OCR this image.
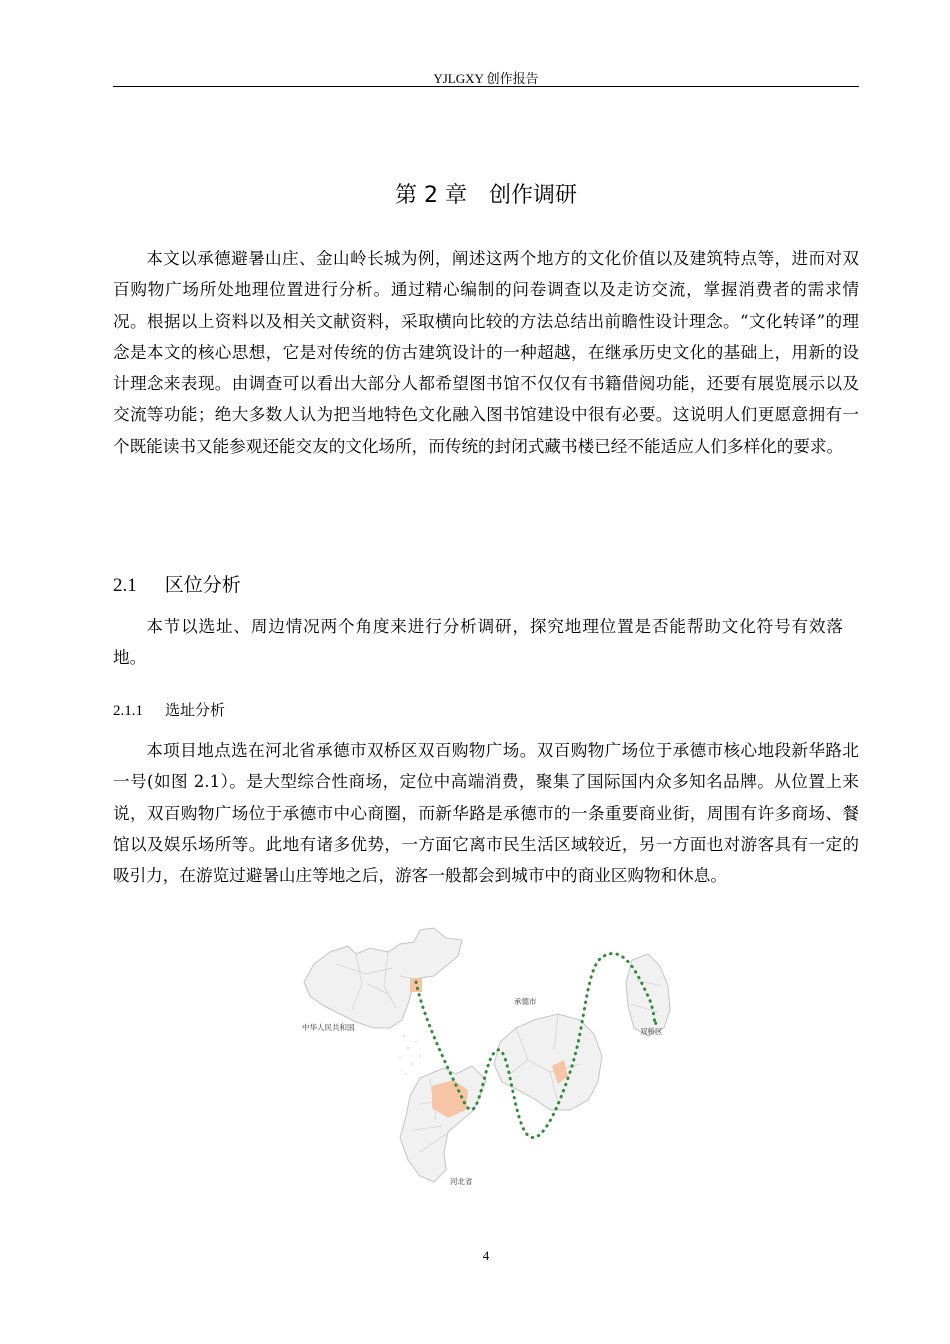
YJLGXY 创作报告
第 2 章 创作调研

本文以承德避暑山庄、金山岭长城为例，阐述这两个地方的文化价值以及建筑特点等，进而对双百购物广场所处地理位置进行分析。通过精心编制的问卷调查以及走访交流，掌握消费者的需求情况。根据以上资料以及相关文献资料，采取横向比较的方法总结出前瞻性设计理念。“文化转译”的理念是本文的核心思想，它是对传统的仿古建筑设计的一种超越，在继承历史文化的基础上，用新的设计理念来表现。由调查可以看出大部分人都希望图书馆不仅仅有书籍借阅功能，还要有展览展示以及交流等功能；绝大多数人认为把当地特色文化融入图书馆建设中很有必要。这说明人们更愿意拥有一个既能读书又能参观还能交友的文化场所，而传统的封闭式藏书楼已经不能适应人们多样化的要求。

2.1 区位分析

本节以选址、周边情况两个角度来进行分析调研，探究地理位置是否能帮助文化符号有效落地。

2.1.1 选址分析

本项目地点选在河北省承德市双桥区双百购物广场。双百购物广场位于承德市核心地段新华路北一号(如图 2.1）。是大型综合性商场，定位中高端消费，聚集了国际国内众多知名品牌。从位置上来说，双百购物广场位于承德市中心商圈，而新华路是承德市的一条重要商业街，周围有许多商场、餐馆以及娱乐场所等。此地有诸多优势，一方面它离市民生活区域较近，另一方面也对游客具有一定的吸引力，在游览过避暑山庄等地之后，游客一般都会到城市中的商业区购物和休息。

中华人民共和国
承德市
双桥区
河北省
4
